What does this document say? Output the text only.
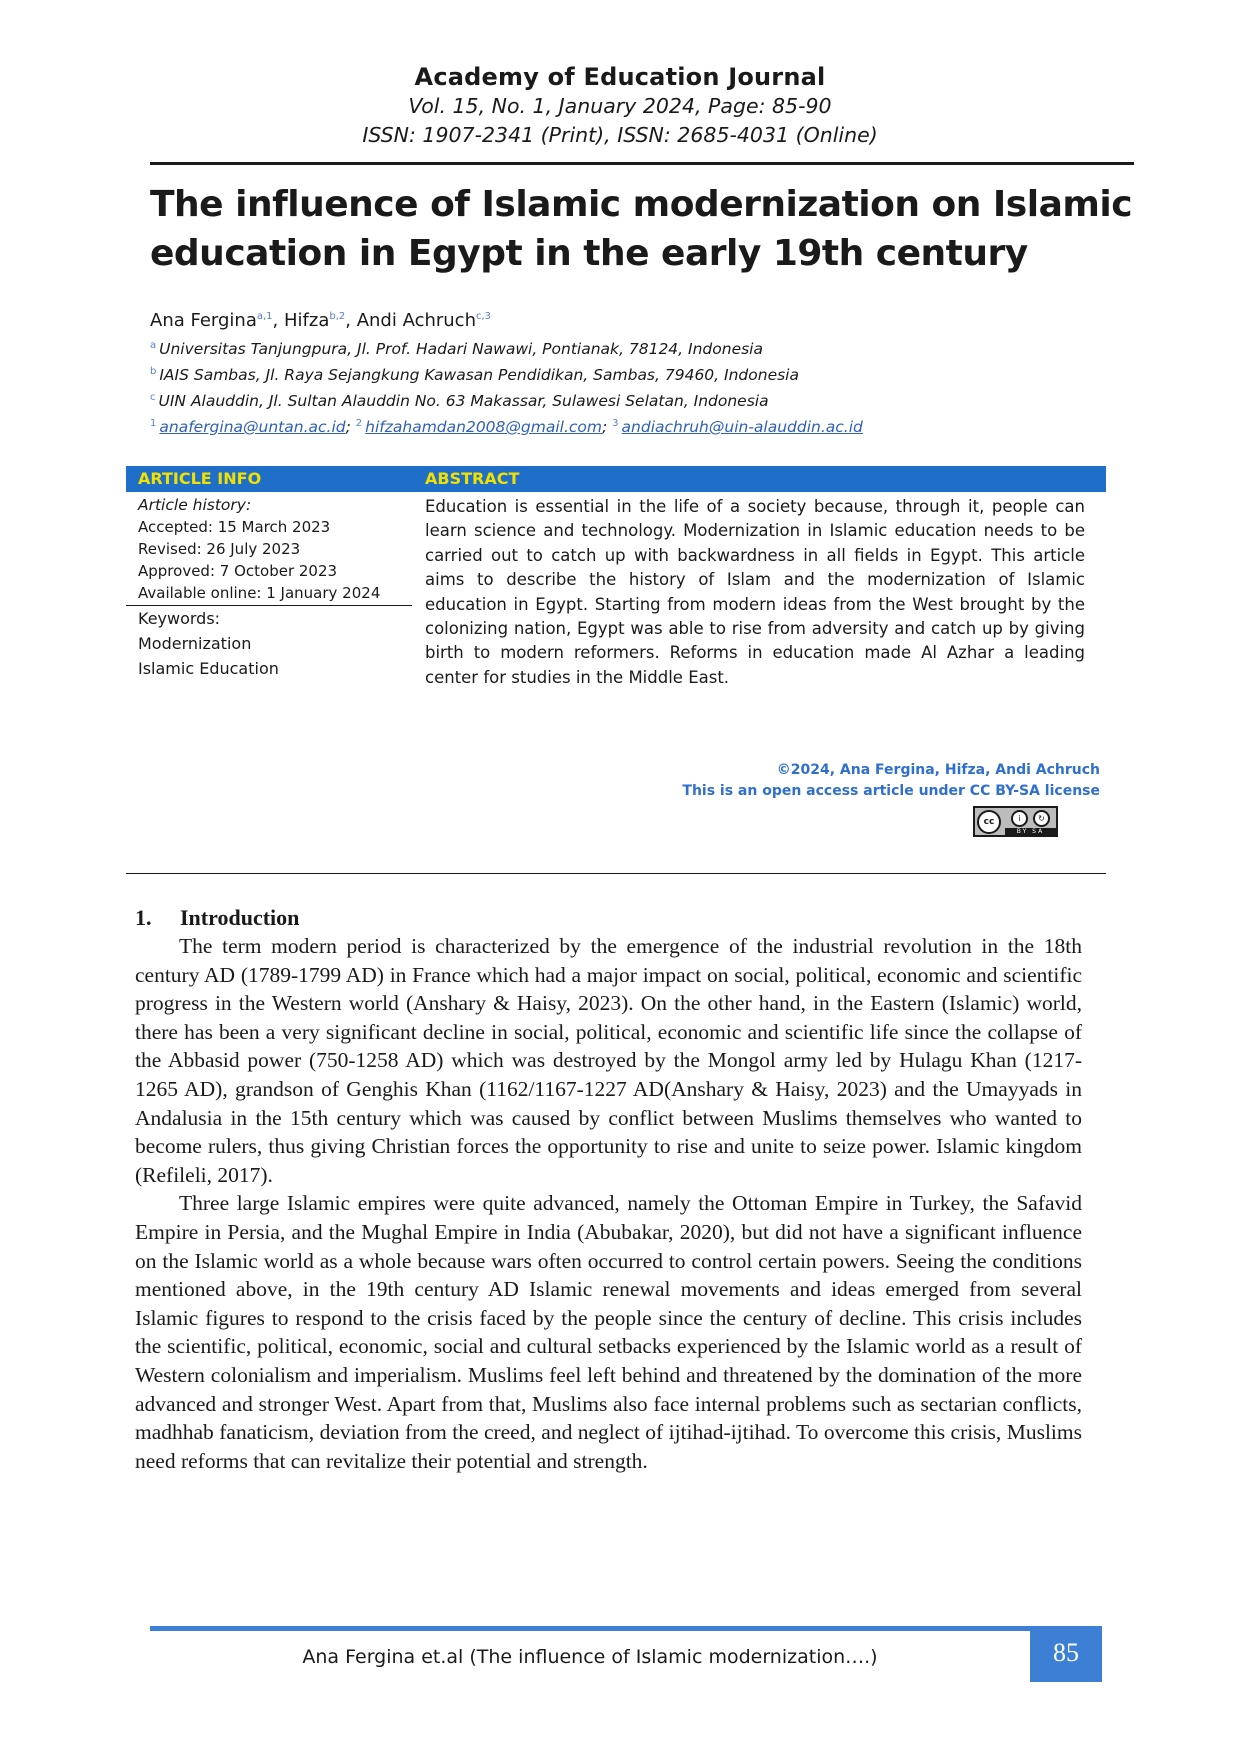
Academy of Education Journal
Vol. 15, No. 1, January 2024, Page: 85-90
ISSN: 1907-2341 (Print), ISSN: 2685-4031 (Online)
The influence of Islamic modernization on Islamic
education in Egypt in the early 19th century
Ana Fergina$^{a,1}$, Hifza$^{b,2}$, Andi Achruch$^{c,3}$
$^a$ Universitas Tanjungpura, Jl. Prof. Hadari Nawawi, Pontianak, 78124, Indonesia
$^b$ IAIS Sambas, Jl. Raya Sejangkung Kawasan Pendidikan, Sambas, 79460, Indonesia
$^c$ UIN Alauddin, Jl. Sultan Alauddin No. 63 Makassar, Sulawesi Selatan, Indonesia
$^1$ anafergina@untan.ac.id; $^2$ hifzahamdan2008@gmail.com; $^3$ andiachruh@uin-alauddin.ac.id
ARTICLE INFO	ABSTRACT
Article history:
Accepted: 15 March 2023
Revised: 26 July 2023
Approved: 7 October 2023
Available online: 1 January 2024
Keywords:
Modernization
Islamic Education
Education is essential in the life of a society because, through it, people can learn science and technology. Modernization in Islamic education needs to be carried out to catch up with backwardness in all fields in Egypt. This article aims to describe the history of Islam and the modernization of Islamic education in Egypt. Starting from modern ideas from the West brought by the colonizing nation, Egypt was able to rise from adversity and catch up by giving birth to modern reformers. Reforms in education made Al Azhar a leading center for studies in the Middle East.
©2024, Ana Fergina, Hifza, Andi Achruch
This is an open access article under CC BY-SA license
cc	i	↻
BY SA
1. Introduction

The term modern period is characterized by the emergence of the industrial revolution in the 18th century AD (1789-1799 AD) in France which had a major impact on social, political, economic and scientific progress in the Western world (Anshary & Haisy, 2023). On the other hand, in the Eastern (Islamic) world, there has been a very significant decline in social, political, economic and scientific life since the collapse of the Abbasid power (750-1258 AD) which was destroyed by the Mongol army led by Hulagu Khan (1217-1265 AD), grandson of Genghis Khan (1162/1167-1227 AD(Anshary & Haisy, 2023) and the Umayyads in Andalusia in the 15th century which was caused by conflict between Muslims themselves who wanted to become rulers, thus giving Christian forces the opportunity to rise and unite to seize power. Islamic kingdom (Refileli, 2017).

Three large Islamic empires were quite advanced, namely the Ottoman Empire in Turkey, the Safavid Empire in Persia, and the Mughal Empire in India (Abubakar, 2020), but did not have a significant influence on the Islamic world as a whole because wars often occurred to control certain powers. Seeing the conditions mentioned above, in the 19th century AD Islamic renewal movements and ideas emerged from several Islamic figures to respond to the crisis faced by the people since the century of decline. This crisis includes the scientific, political, economic, social and cultural setbacks experienced by the Islamic world as a result of Western colonialism and imperialism. Muslims feel left behind and threatened by the domination of the more advanced and stronger West. Apart from that, Muslims also face internal problems such as sectarian conflicts, madhhab fanaticism, deviation from the creed, and neglect of ijtihad-ijtihad. To overcome this crisis, Muslims need reforms that can revitalize their potential and strength.

Ana Fergina et.al (The influence of Islamic modernization….)	85
